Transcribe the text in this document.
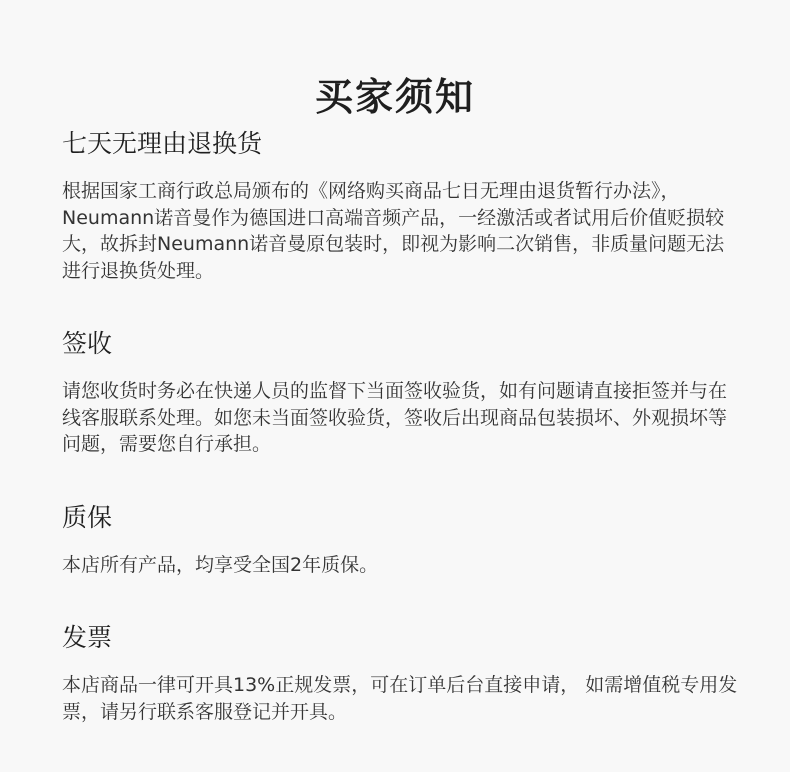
买家须知
七天无理由退换货

根据国家工商行政总局颁布的《网络购买商品七日无理由退货暂行办法》，Neumann诺音曼作为德国进口高端音频产品，一经激活或者试用后价值贬损较大，故拆封Neumann诺音曼原包装时，即视为影响二次销售，非质量问题无法进行退换货处理。

签收

请您收货时务必在快递人员的监督下当面签收验货，如有问题请直接拒签并与在线客服联系处理。如您未当面签收验货，签收后出现商品包装损坏、外观损坏等问题，需要您自行承担。

质保

本店所有产品，均享受全国2年质保。

发票

本店商品一律可开具13%正规发票，可在订单后台直接申请， 如需增值税专用发票，请另行联系客服登记并开具。
